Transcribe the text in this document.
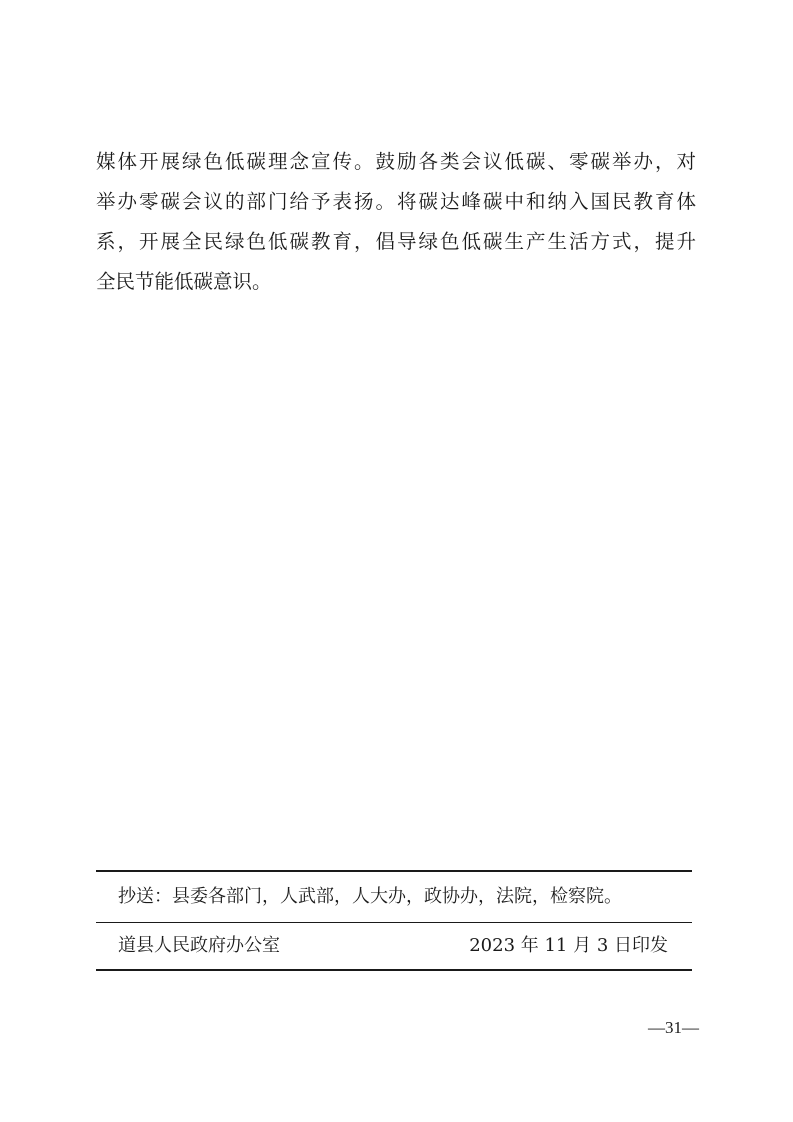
媒体开展绿色低碳理念宣传。鼓励各类会议低碳、零碳举办，对
举办零碳会议的部门给予表扬。将碳达峰碳中和纳入国民教育体
系，开展全民绿色低碳教育，倡导绿色低碳生产生活方式，提升
全民节能低碳意识。
抄送：县委各部门，人武部，人大办，政协办，法院，检察院。
道县人民政府办公室	2023 年 11 月 3 日印发
—31—
